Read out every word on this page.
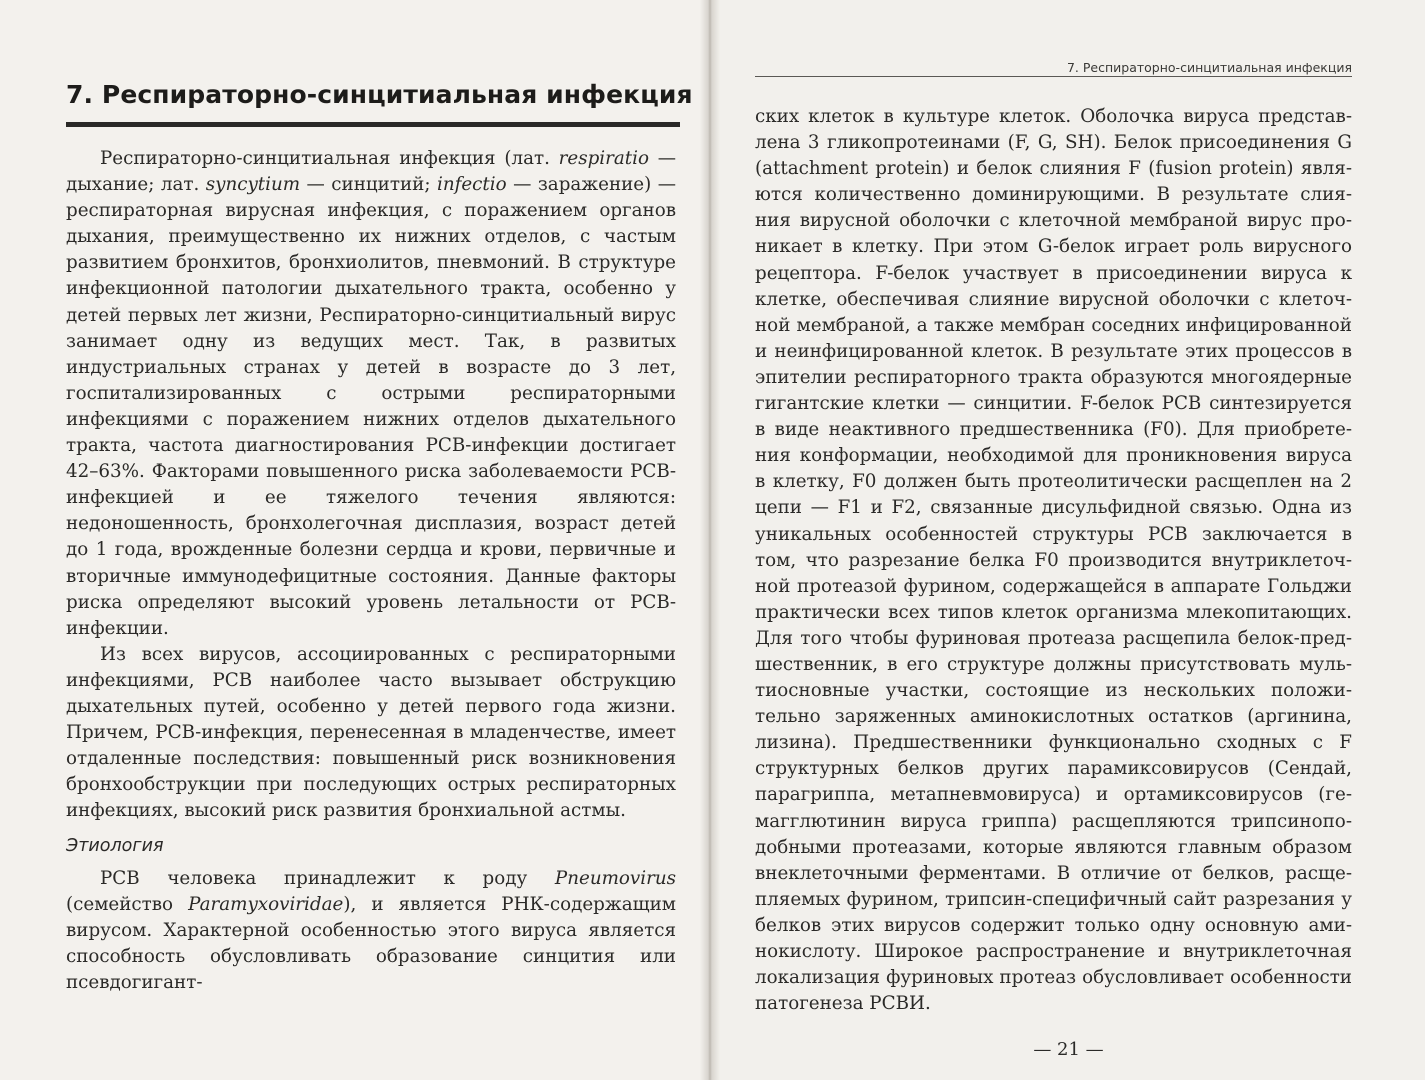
7. Респираторно-синцитиальная инфекция

Респираторно-синцитиальная инфекция (лат. respiratio — дыхание; лат. syncytium — синцитий; infectio — заражение) — респираторная вирусная инфекция, с поражением органов дыхания, преимущественно их нижних отделов, с частым развитием бронхитов, бронхиолитов, пневмоний. В структуре инфекционной патологии дыхательного тракта, особенно у детей первых лет жизни, Респираторно-синцитиальный вирус занимает одну из ведущих мест. Так, в развитых индустриальных странах у детей в возрасте до 3 лет, госпитализированных с острыми респираторными инфекциями с поражением нижних отделов дыхательного тракта, частота диагностирования РСВ-инфекции достигает 42–63%. Факторами повышенного риска заболеваемости РСВ-инфекцией и ее тяжелого течения являются: недоношенность, бронхолегочная дисплазия, возраст детей до 1 года, врожденные болезни сердца и крови, первичные и вторичные иммунодефицитные состояния. Данные факторы риска определяют высокий уровень летальности от РСВ-инфекции.

Из всех вирусов, ассоциированных с респираторными инфекциями, РСВ наиболее часто вызывает обструкцию дыхательных путей, особенно у детей первого года жизни. Причем, РСВ-инфекция, перенесенная в младенчестве, имеет отдаленные последствия: повышенный риск возникновения бронхообструкции при последующих острых респираторных инфекциях, высокий риск развития бронхиальной астмы.

Этиология

РСВ человека принадлежит к роду Pneumovirus (семейство Paramyxoviridae), и является РНК-содержащим вирусом. Характерной особенностью этого вируса является способность обусловливать образование синцития или псевдогигант-

7. Респираторно-синцитиальная инфекция

ских клеток в культуре клеток. Оболочка вируса представлена 3 гликопротеинами (F, G, SH). Белок присоединения G (attachment protein) и белок слияния F (fusion protein) являются количественно доминирующими. В результате слияния вирусной оболочки с клеточной мембраной вирус проникает в клетку. При этом G-белок играет роль вирусного рецептора. F-белок участвует в присоединении вируса к клетке, обеспечивая слияние вирусной оболочки с клеточной мембраной, а также мембран соседних инфицированной и неинфицированной клеток. В результате этих процессов в эпителии респираторного тракта образуются многоядерные гигантские клетки — синцитии. F-белок РСВ синтезируется в виде неактивного предшественника (F0). Для приобретения конформации, необходимой для проникновения вируса в клетку, F0 должен быть протеолитически расщеплен на 2 цепи — F1 и F2, связанные дисульфидной связью. Одна из уникальных особенностей структуры РСВ заключается в том, что разрезание белка F0 производится внутриклеточной протеазой фурином, содержащейся в аппарате Гольджи практически всех типов клеток организма млекопитающих. Для того чтобы фуриновая протеаза расщепила белок-предшественник, в его структуре должны присутствовать мультиосновные участки, состоящие из нескольких положительно заряженных аминокислотных остатков (аргинина, лизина). Предшественники функционально сходных с F структурных белков других парамиксовирусов (Сендай, парагриппа, метапневмовируса) и ортамиксовирусов (гемагглютинин вируса гриппа) расщепляются трипсиноподобными протеазами, которые являются главным образом внеклеточными ферментами. В отличие от белков, расщепляемых фурином, трипсин-специфичный сайт разрезания у белков этих вирусов содержит только одну основную аминокислоту. Широкое распространение и внутриклеточная локализация фуриновых протеаз обусловливает особенности патогенеза РСВИ.

— 21 —
